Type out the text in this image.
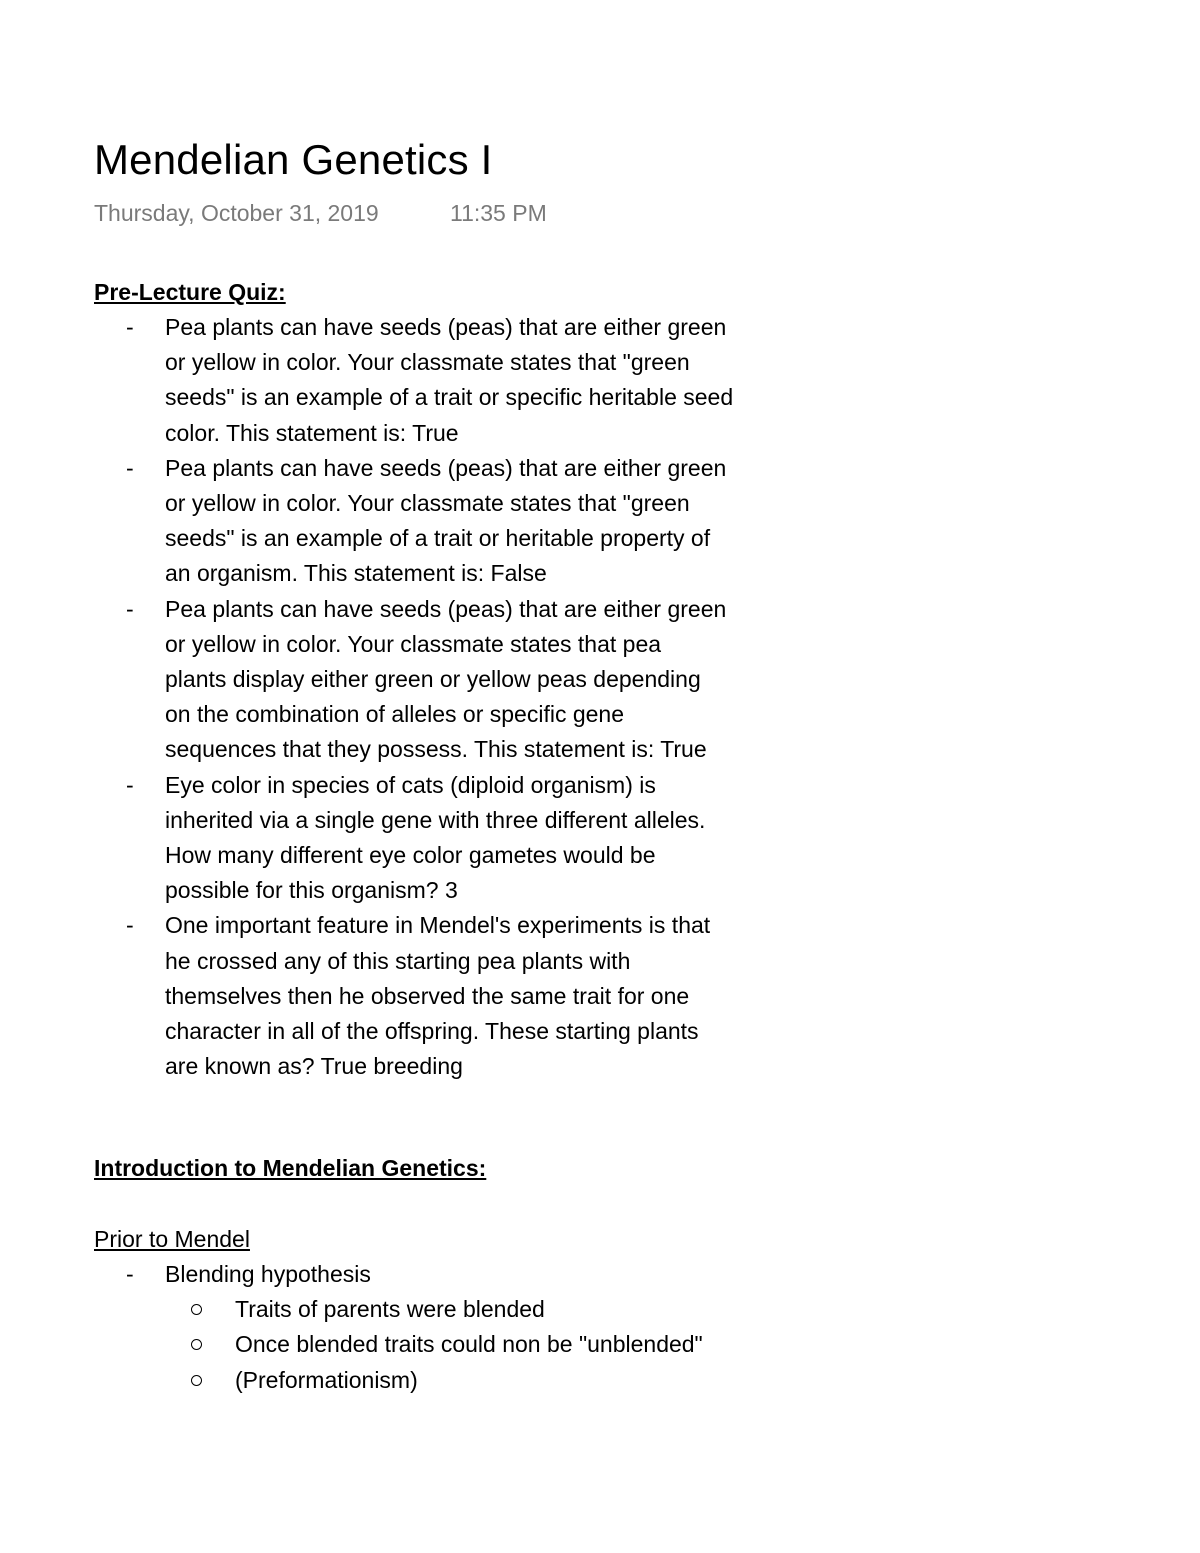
Mendelian Genetics I
Thursday, October 31, 2019	11:35 PM
Pre-Lecture Quiz:
- Pea plants can have seeds (peas) that are either green
or yellow in color. Your classmate states that "green
seeds" is an example of a trait or specific heritable seed
color. This statement is: True
- Pea plants can have seeds (peas) that are either green
or yellow in color. Your classmate states that "green
seeds" is an example of a trait or heritable property of
an organism. This statement is: False
- Pea plants can have seeds (peas) that are either green
or yellow in color. Your classmate states that pea
plants display either green or yellow peas depending
on the combination of alleles or specific gene
sequences that they possess. This statement is: True
- Eye color in species of cats (diploid organism) is
inherited via a single gene with three different alleles.
How many different eye color gametes would be
possible for this organism? 3
- One important feature in Mendel's experiments is that
he crossed any of this starting pea plants with
themselves then he observed the same trait for one
character in all of the offspring. These starting plants
are known as? True breeding
Introduction to Mendelian Genetics:
Prior to Mendel
- Blending hypothesis
Traits of parents were blended
Once blended traits could non be "unblended"
(Preformationism)
